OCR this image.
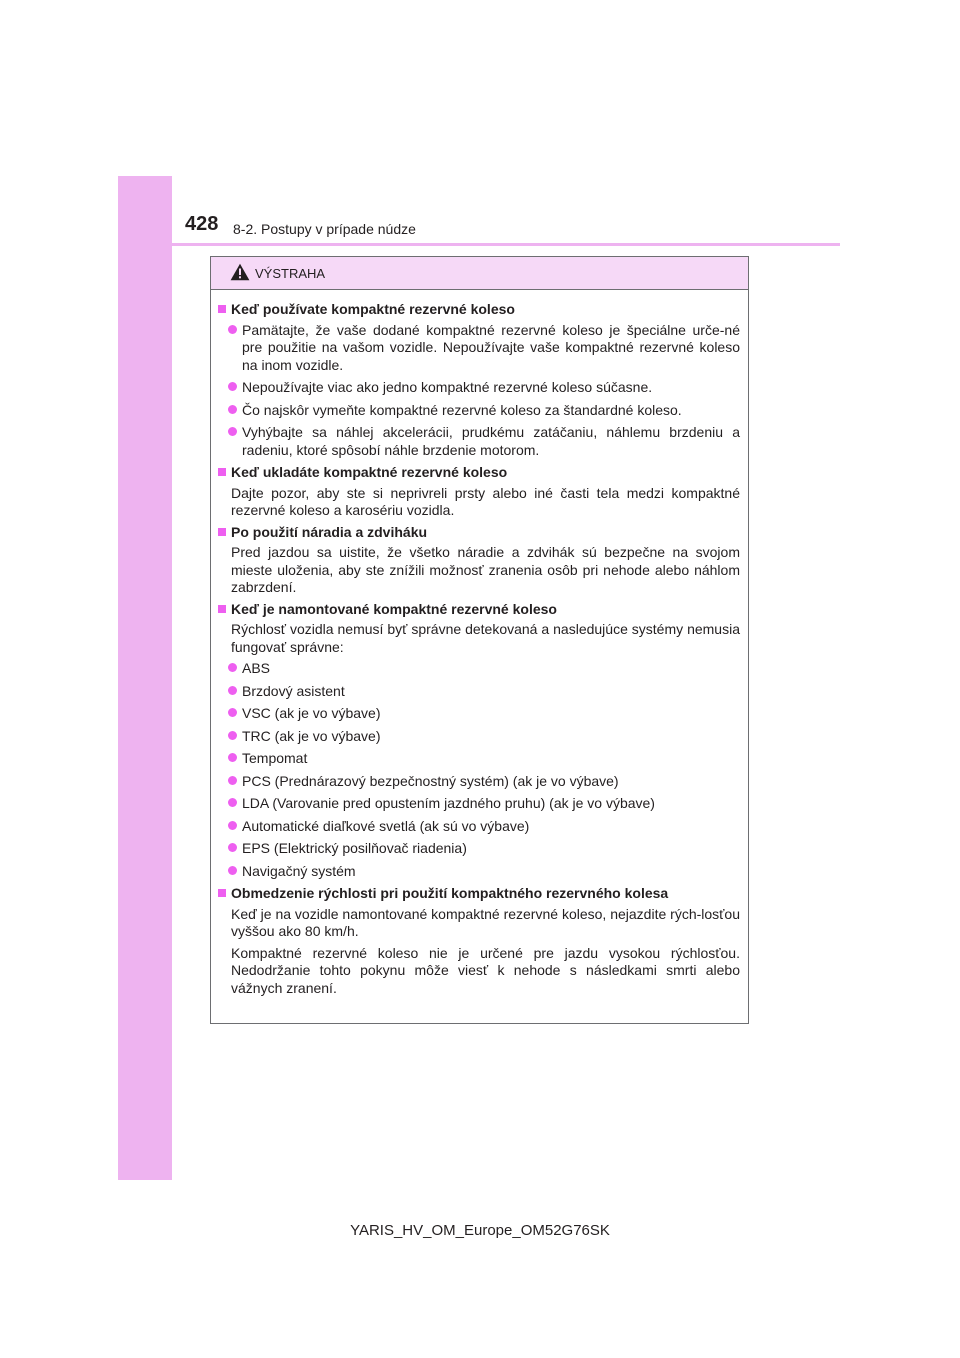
428 8-2. Postupy v prípade núdze
VÝSTRAHA
Keď používate kompaktné rezervné koleso
Pamätajte, že vaše dodané kompaktné rezervné koleso je špeciálne urče-né pre použitie na vašom vozidle. Nepoužívajte vaše kompaktné rezervné koleso na inom vozidle.
Nepoužívajte viac ako jedno kompaktné rezervné koleso súčasne.
Čo najskôr vymeňte kompaktné rezervné koleso za štandardné koleso.
Vyhýbajte sa náhlej akcelerácii, prudkému zatáčaniu, náhlemu brzdeniu a radeniu, ktoré spôsobí náhle brzdenie motorom.
Keď ukladáte kompaktné rezervné koleso
Dajte pozor, aby ste si neprivreli prsty alebo iné časti tela medzi kompaktné rezervné koleso a karosériu vozidla.
Po použití náradia a zdviháku
Pred jazdou sa uistite, že všetko náradie a zdvihák sú bezpečne na svojom mieste uloženia, aby ste znížili možnosť zranenia osôb pri nehode alebo náhlom zabrzdení.
Keď je namontované kompaktné rezervné koleso
Rýchlosť vozidla nemusí byť správne detekovaná a nasledujúce systémy nemusia fungovať správne:
ABS
Brzdový asistent
VSC (ak je vo výbave)
TRC (ak je vo výbave)
Tempomat
PCS (Prednárazový bezpečnostný systém) (ak je vo výbave)
LDA (Varovanie pred opustením jazdného pruhu) (ak je vo výbave)
Automatické diaľkové svetlá (ak sú vo výbave)
EPS (Elektrický posilňovač riadenia)
Navigačný systém
Obmedzenie rýchlosti pri použití kompaktného rezervného kolesa
Keď je na vozidle namontované kompaktné rezervné koleso, nejazdite rých-losťou vyššou ako 80 km/h.
Kompaktné rezervné koleso nie je určené pre jazdu vysokou rýchlosťou. Nedodržanie tohto pokynu môže viesť k nehode s následkami smrti alebo vážnych zranení.
YARIS_HV_OM_Europe_OM52G76SK
